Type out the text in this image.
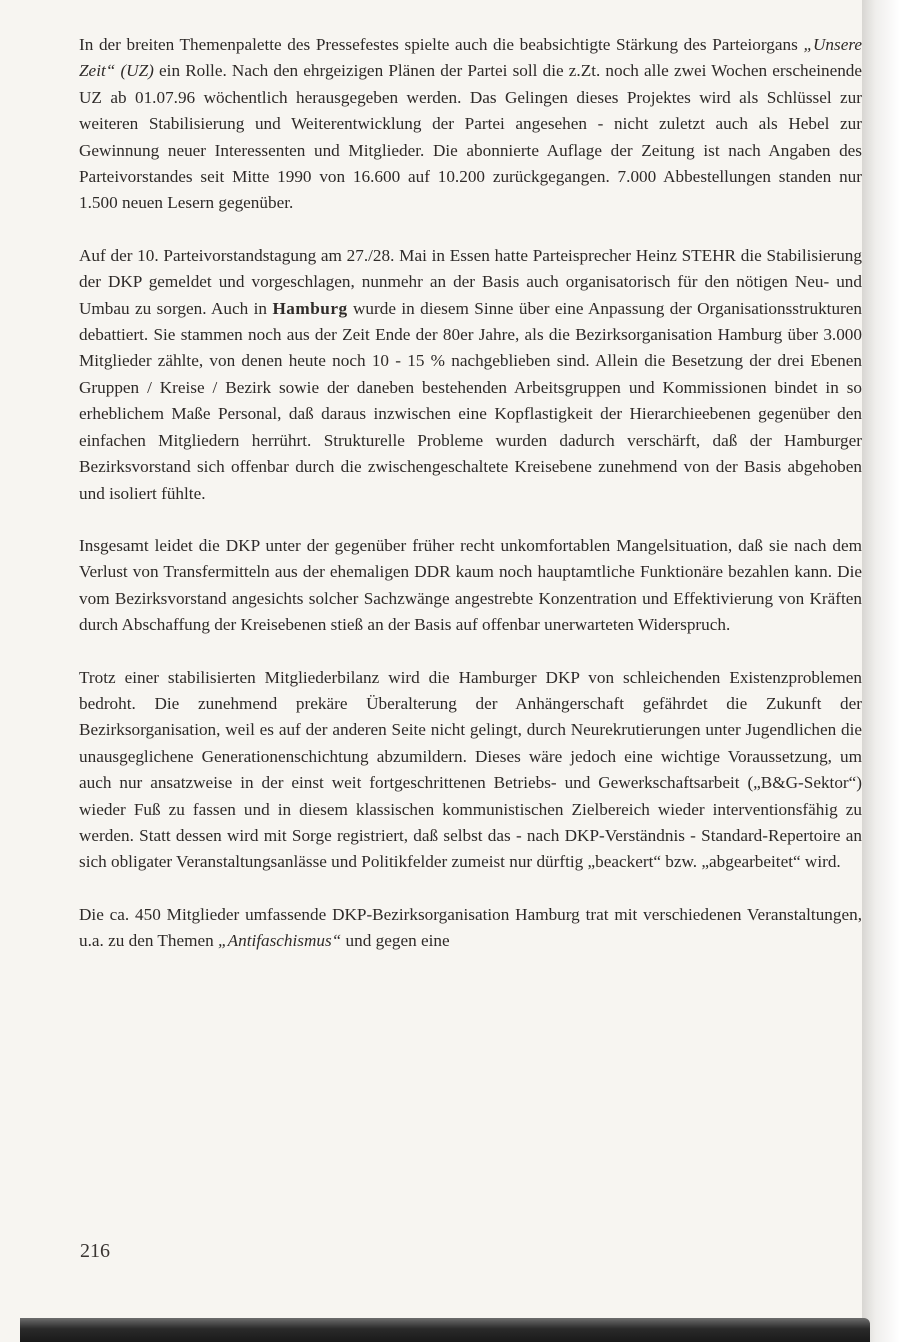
In der breiten Themenpalette des Pressefestes spielte auch die beabsichtigte Stärkung des Parteiorgans „Unsere Zeit“ (UZ) ein Rolle. Nach den ehrgeizigen Plänen der Partei soll die z.Zt. noch alle zwei Wochen erscheinende UZ ab 01.07.96 wöchentlich herausgegeben werden. Das Gelingen dieses Projektes wird als Schlüssel zur weiteren Stabilisierung und Weiterentwicklung der Partei angesehen - nicht zuletzt auch als Hebel zur Gewinnung neuer Interessenten und Mitglieder. Die abonnierte Auflage der Zeitung ist nach Angaben des Parteivorstandes seit Mitte 1990 von 16.600 auf 10.200 zurückgegangen. 7.000 Abbestellungen standen nur 1.500 neuen Lesern gegenüber.

Auf der 10. Parteivorstandstagung am 27./28. Mai in Essen hatte Parteisprecher Heinz STEHR die Stabilisierung der DKP gemeldet und vorgeschlagen, nunmehr an der Basis auch organisatorisch für den nötigen Neu- und Umbau zu sorgen. Auch in Hamburg wurde in diesem Sinne über eine Anpassung der Organisationsstrukturen debattiert. Sie stammen noch aus der Zeit Ende der 80er Jahre, als die Bezirksorganisation Hamburg über 3.000 Mitglieder zählte, von denen heute noch 10 - 15 % nachgeblieben sind. Allein die Besetzung der drei Ebenen Gruppen / Kreise / Bezirk sowie der daneben bestehenden Arbeitsgruppen und Kommissionen bindet in so erheblichem Maße Personal, daß daraus inzwischen eine Kopflastigkeit der Hierarchieebenen gegenüber den einfachen Mitgliedern herrührt. Strukturelle Probleme wurden dadurch verschärft, daß der Hamburger Bezirksvorstand sich offenbar durch die zwischengeschaltete Kreisebene zunehmend von der Basis abgehoben und isoliert fühlte.

Insgesamt leidet die DKP unter der gegenüber früher recht unkomfortablen Mangelsituation, daß sie nach dem Verlust von Transfermitteln aus der ehemaligen DDR kaum noch hauptamtliche Funktionäre bezahlen kann. Die vom Bezirksvorstand angesichts solcher Sachzwänge angestrebte Konzentration und Effektivierung von Kräften durch Abschaffung der Kreisebenen stieß an der Basis auf offenbar unerwarteten Widerspruch.

Trotz einer stabilisierten Mitgliederbilanz wird die Hamburger DKP von schleichenden Existenzproblemen bedroht. Die zunehmend prekäre Überalterung der Anhängerschaft gefährdet die Zukunft der Bezirksorganisation, weil es auf der anderen Seite nicht gelingt, durch Neurekrutierungen unter Jugendlichen die unausgeglichene Generationenschichtung abzumildern. Dieses wäre jedoch eine wichtige Voraussetzung, um auch nur ansatzweise in der einst weit fortgeschrittenen Betriebs- und Gewerkschaftsarbeit („B&G-Sektor“) wieder Fuß zu fassen und in diesem klassischen kommunistischen Zielbereich wieder interventionsfähig zu werden. Statt dessen wird mit Sorge registriert, daß selbst das - nach DKP-Verständnis - Standard-Repertoire an sich obligater Veranstaltungsanlässe und Politikfelder zumeist nur dürftig „beackert“ bzw. „abgearbeitet“ wird.

Die ca. 450 Mitglieder umfassende DKP-Bezirksorganisation Hamburg trat mit verschiedenen Veranstaltungen, u.a. zu den Themen „Antifaschismus“ und gegen eine

216
